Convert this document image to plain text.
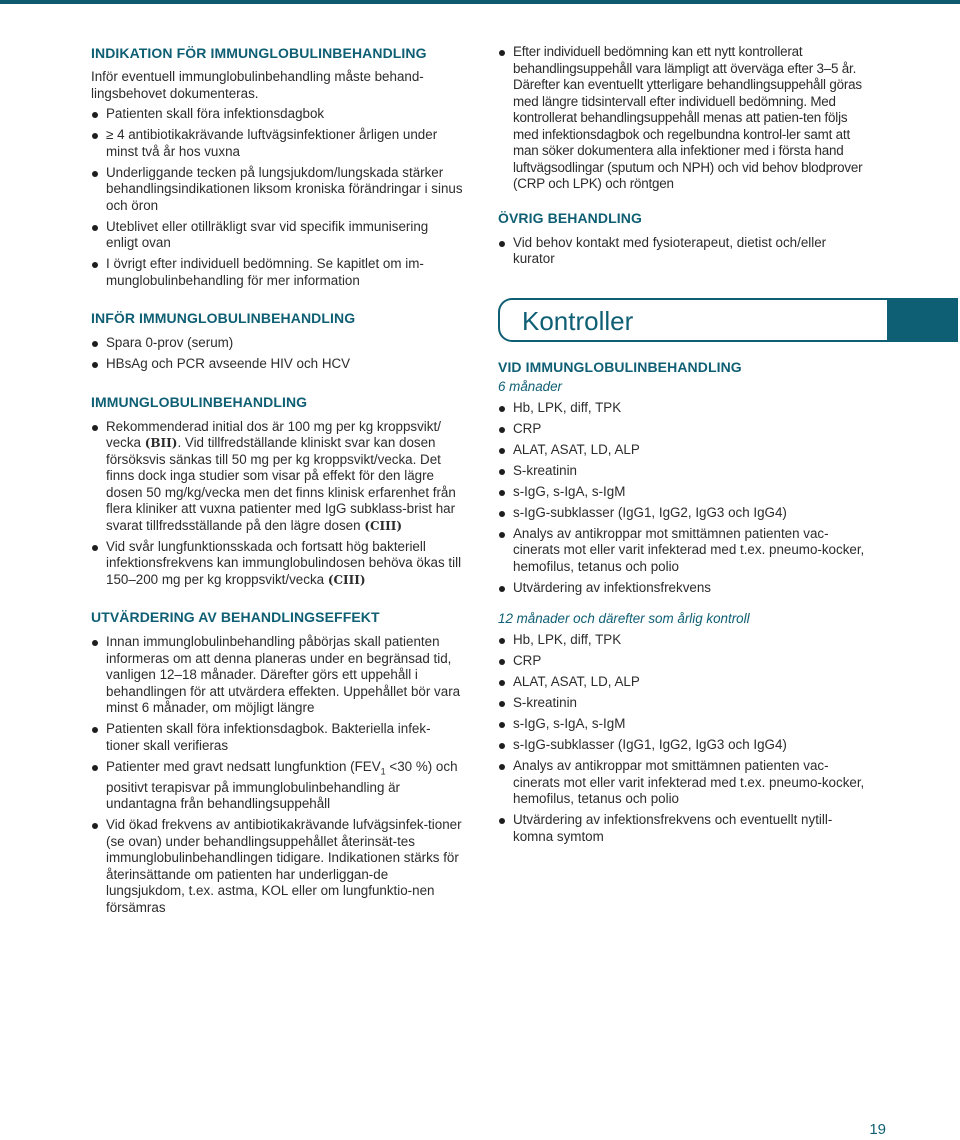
INDIKATION FÖR IMMUNGLOBULINBEHANDLING

Inför eventuell immunglobulinbehandling måste behand-lingsbehovet dokumenteras.

Patienten skall föra infektionsdagbok
≥ 4 antibiotikakrävande luftvägsinfektioner årligen under minst två år hos vuxna
Underliggande tecken på lungsjukdom/lungskada stärker behandlingsindikationen liksom kroniska förändringar i sinus och öron
Uteblivet eller otillräkligt svar vid specifik immunisering enligt ovan
I övrigt efter individuell bedömning. Se kapitlet om im-munglobulinbehandling för mer information
INFÖR IMMUNGLOBULINBEHANDLING
Spara 0-prov (serum)
HBsAg och PCR avseende HIV och HCV
IMMUNGLOBULINBEHANDLING
Rekommenderad initial dos är 100 mg per kg kroppsvikt/ vecka (BII). Vid tillfredställande kliniskt svar kan dosen försöksvis sänkas till 50 mg per kg kroppsvikt/vecka. Det finns dock inga studier som visar på effekt för den lägre dosen 50 mg/kg/vecka men det finns klinisk erfarenhet från flera kliniker att vuxna patienter med IgG subklass-brist har svarat tillfredsställande på den lägre dosen (CIII)
Vid svår lungfunktionsskada och fortsatt hög bakteriell infektionsfrekvens kan immunglobulindosen behöva ökas till 150–200 mg per kg kroppsvikt/vecka (CIII)
UTVÄRDERING AV BEHANDLINGSEFFEKT
Innan immunglobulinbehandling påbörjas skall patienten informeras om att denna planeras under en begränsad tid, vanligen 12–18 månader. Därefter görs ett uppehåll i behandlingen för att utvärdera effekten. Uppehållet bör vara minst 6 månader, om möjligt längre
Patienten skall föra infektionsdagbok. Bakteriella infek-tioner skall verifieras
Patienter med gravt nedsatt lungfunktion ($FEV_1 <30$ %) och positivt terapisvar på immunglobulinbehandling är undantagna från behandlingsuppehåll
Vid ökad frekvens av antibiotikakrävande lufvägsinfek-tioner (se ovan) under behandlingsuppehållet återinsät-tes immunglobulinbehandlingen tidigare. Indikationen stärks för återinsättande om patienten har underliggan-de lungsjukdom, t.ex. astma, KOL eller om lungfunktio-nen försämras
Efter individuell bedömning kan ett nytt kontrollerat behandlingsuppehåll vara lämpligt att överväga efter 3–5 år. Därefter kan eventuellt ytterligare behandlingsuppehåll göras med längre tidsintervall efter individuell bedömning. Med kontrollerat behandlingsuppehåll menas att patien-ten följs med infektionsdagbok och regelbundna kontrol-ler samt att man söker dokumentera alla infektioner med i första hand luftvägsodlingar (sputum och NPH) och vid behov blodprover (CRP och LPK) och röntgen
ÖVRIG BEHANDLING
Vid behov kontakt med fysioterapeut, dietist och/eller kurator
Kontroller
VID IMMUNGLOBULINBEHANDLING

6 månader

Hb, LPK, diff, TPK
CRP
ALAT, ASAT, LD, ALP
S-kreatinin
s-IgG, s-IgA, s-IgM
s-IgG-subklasser (IgG1, IgG2, IgG3 och IgG4)
Analys av antikroppar mot smittämnen patienten vac-cinerats mot eller varit infekterad med t.ex. pneumo-kocker, hemofilus, tetanus och polio
Utvärdering av infektionsfrekvens

12 månader och därefter som årlig kontroll

Hb, LPK, diff, TPK
CRP
ALAT, ASAT, LD, ALP
S-kreatinin
s-IgG, s-IgA, s-IgM
s-IgG-subklasser (IgG1, IgG2, IgG3 och IgG4)
Analys av antikroppar mot smittämnen patienten vac-cinerats mot eller varit infekterad med t.ex. pneumo-kocker, hemofilus, tetanus och polio
Utvärdering av infektionsfrekvens och eventuellt nytill-komna symtom
19
